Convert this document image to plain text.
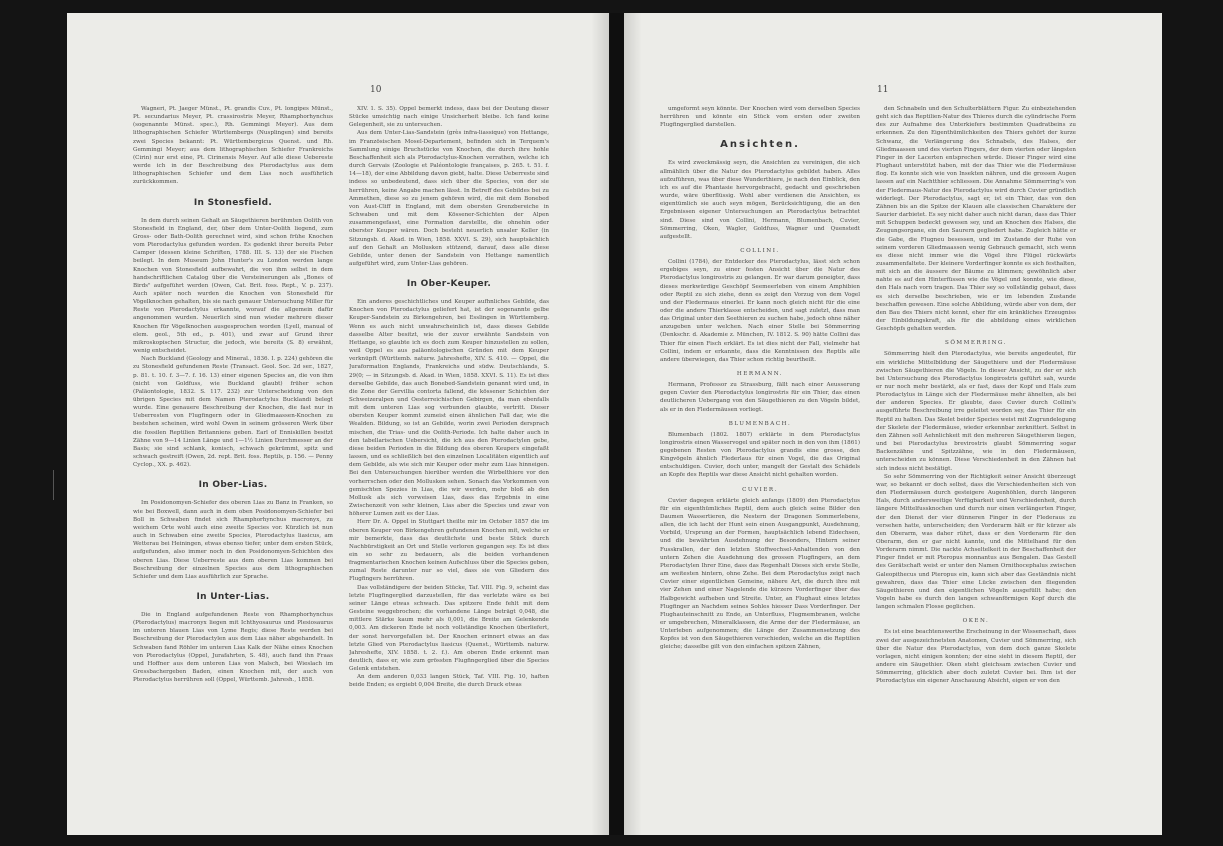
10

Wagneri, Pt. Jaeger Münst., Pt. grandis Cuv., Pt. longipes Münst., Pt. secundarius Meyer, Pt. crassirostris Meyer, Rhamphorhynchus (sogenannte Münst. spec.), Rh. Gemmingi Meyer). Aus dem lithographischen Schiefer Württembergs (Nusplingen) sind bereits zwei Species bekannt: Pt. Württembergicus Quenst. und Rh. Gemmingi Meyer; aus dem lithographischen Schiefer Frankreichs (Cirin) nur erst eine, Pt. Cirinensis Meyer. Auf alle diese Uebereste werde ich in der Beschreibung des Pterodactylus aus dem lithographischen Schiefer und dem Lias noch ausführlich zurückkommen.

In Stonesfield.

In dem durch seinen Gehalt an Säugethieren berühmten Oolith von Stonesfield in England, der, über dem Unter-Oolith liegend, zum Gross- oder Bath-Oolith gerechnet wird, sind schon frühe Knochen vom Pterodactylus gefunden worden. Es gedenkt ihrer bereits Peter Camper (dessen kleine Schriften, 1788. III. S. 13) der sie Fischen beilegt. In dem Museum John Hunter's zu London werden lange Knochen von Stonesfield aufbewahrt, die von ihm selbst in dem handschriftlichen Catalog über die Versteinerungen als „Bones of Birds" aufgeführt werden (Owen, Cat. Brit. foss. Rept., V. p. 237). Auch später noch wurden die Knochen von Stonesfield für Vögelknochen gehalten, bis sie nach genauer Untersuchung Miller für Reste von Pterodactylus erkannte, worauf die allgemein dafür angenommen wurden. Neuerlich sind nun wieder mehrere dieser Knochen für Vögelknochen ausgesprochen worden (Lyell, manual of elem. geol., 5th ed., p. 401), und zwar auf Grund ihrer mikroskopischen Structur, die jedoch, wie bereits (S. 8) erwähnt, wenig entscheidet.

Nach Buckland (Geology and Mineral., 1836. I. p. 224) gehören die zu Stonesfield gefundenen Reste (Transact. Geol. Soc. 2d ser., 1827, p. 81. t. 10. f. 3—7. f. 16. 13) einer eigenen Species an, die von ihm (nicht von Goldfuss, wie Buckland glaubt) früher schon (Paläontologie, 1832. S. 117. 232) zur Unterscheidung von den übrigen Species mit dem Namen Pterodactylus Bucklandi belegt wurde. Eine genauere Beschreibung der Knochen, die fast nur in Ueberresten von Flugfingern oder in Gliedmaassen-Knochen zu bestehen scheinen, wird wohl Owen in seinem grösseren Werk über die fossilen Reptilien Britanniens geben. Earl of Enniskillen besitzt Zähne von 9—14 Linien Länge und 1—1½ Linien Durchmesser an der Basis; sie sind schlank, konisch, schwach gekrümmt, spitz und schwach gestreift (Owen, 2d. rept. Brit. foss. Reptils, p. 156. — Penny Cyclop., XX. p. 462).

In Ober-Lias.

Im Posidonomyen-Schiefer des oberen Lias zu Banz in Franken, so wie bei Boxwell, dann auch in dem oben Posidonomyen-Schiefer bei Boll in Schwaben findet sich Rhamphorhynchus macronyx, zu weichem Orte wohl auch eine zweite Species vor. Kürzlich ist nun auch in Schwaben eine zweite Species, Pterodactylus liasicus, am Wetterau bei Heiningen, etwas ebenso tiefer, unter dem ersten Stück, aufgefunden, also immer noch in den Posidonomyen-Schichten des oberen Lias. Diese Ueberreste aus dem oberen Lias kommen bei Beschreibung der einzelnen Species aus dem lithographischen Schiefer und dem Lias ausführlich zur Sprache.

In Unter-Lias.

Die in England aufgefundenen Reste von Rhamphorhynchus (Pterodactylus) macronyx liegen mit Ichthyosaurus und Plesiosaurus im unteren blauen Lias von Lyme Regis; diese Reste werden bei Beschreibung der Pterodactylen aus dem Lias näher abgehandelt. In Schwaben fand Röhler im unteren Lias Kalk der Nähe eines Knochen von Pterodactylus (Oppel, Jurafahrten, S. 48), auch fand ihn Fraas und Hoffner aus dem unteren Lias von Malsch, bei Wieslach im Gressbachergeben Baden, einen Knochen mit, der auch von Pterodactylus herrühren soll (Oppel, Württemb. Jahresh., 1858.

XIV. 1. S. 35). Oppel bemerkt indess, dass bei der Deutung dieser Stücke umsichtig nach einige Unsicherheit bleibe. Ich fand keine Gelegenheit, sie zu untersuchen.

Aus dem Unter-Lias-Sandstein (grès infra-liassique) von Hettange, im Französischen Mosel-Departement, befinden sich in Terquem's Sammlung einige Bruchstücke von Knochen, die durch ihre hohle Beschaffenheit sich als Pterodactylus-Knochen verrathen, welche ich durch Gervais (Zoologie et Paléontologie françaises, p. 265. t. 51. f. 14—18), der eine Abbildung davon giebt, halte. Diese Ueberreste sind indess so unbedeutend, dass sich über die Species, von der sie herrühren, keine Angabe machen lässt. In Betreff des Gebildes bei zu Ammethen, diese so zu jenem gehören wird, die mit dem Bonebed von Aust-Cliff in England, mit dem obersten Grenzbereiche in Schwaben und mit dem Kössener-Schichten der Alpen zusammengefasst, eine Formation darstellte, die ohnehin oder oberster Keuper wären. Doch besteht neuerlich unsaler Keller (in Sitzungsb. d. Akad. in Wien, 1858. XXVI. S. 29), sich hauptsächlich auf den Gehalt an Mollusken stützend, darauf, dass alle diese Gebilde, unter denen der Sandstein von Hettange namentlich aufgeführt wird, zum Unter-Lias gehören.

In Ober-Keuper.

Ein anderes geschichtliches und Keuper aufhnliches Gebilde, das Knochen von Pterodactylus geliefert hat, ist der sogenannte gelbe Keuper-Sandstein zu Birkengehren, bei Esslingen in Württemberg. Wenn es auch nicht unwahrscheinlich ist, dass dieses Gebilde dasselbe Alter besitzt, wie der zuvor erwähnte Sandstein von Hettange, so glaubte ich es doch zum Keuper hinzustellen zu sollen, weil Oppel es aus paläontologischen Gründen mit dem Keuper verknüpft (Württemb. naturw. Jahreshefte, XIV. S. 410. — Oppel, die Juraformation Englands, Frankreichs und südw. Deutschlands, S. 29(0; — in Sitzungsb. d. Akad. in Wien, 1858. XXVI. S. 11). Es ist dies derselbe Gebilde, das auch Bonebed-Sandstein genannt wird und, in die Zone der Gervillia contorta fallend, die kössener Schichten der Schweizeralpen und Oesterreichischen Gebirgen, da man ebenfalls mit dem unteren Lias sog verbunden glaubte, vertritt. Dieser obersten Keuper kommt zumeist einen ähnlichen Fall dar, wie die Wealden. Bildung, so ist an Gebilde, worin zwei Perioden dersprach mischen, die Trias- und die Oolith-Periode. Ich halte daher auch in den tabellarischen Uebersicht, die ich aus den Pterodactylen gebe, diese beiden Perioden in die Bildung des oberen Keupers eingefaßt lassen, und es schließlich bei den einzelnen Localitäten eigentlich auf dem Gebilde, als wie sich mir Keuper oder mehr zum Lias hinneigen. Bei den Untersuchungen hierüber werden die Wirbelthiere vor den vorherrschen oder den Mollusken sehen. Sonach das Vorkommen von gemischten Spezies in Lias, die wir werden, mehr bloß ab den Mollusk als sich vorweisen Lias, dass das Ergebnis in eine Zwischenzeit von sehr kleinen, Lias aber die Species und zwar von höherer Lumen zeit es der Lias.

Herr Dr. A. Oppel in Stuttgart theilte mir im October 1857 die im oberen Keuper von Birkengehren gefundenen Knochen mit, welche er mir bemerkte, dass das deutlichste und beste Stück durch Nachbürstigkeit an Ort und Stelle verloren gegangen sey. Es ist dies ein so sehr zu bedauern, als die beiden vorhandenen fragmentarischen Knochen keinen Aufschluss über die Species geben, zumal Reste darunter nur so viel, dass sie von Gliedern des Flugfingers herrühren.

Das vollständigere der beiden Stücke, Taf. VIII. Fig. 9, scheint das letzte Flugfingerglied darzustellen, für das verletzte wäre es bei seiner Länge etwas schwach. Das spitzere Ende fehlt mit dem Gesteine weggebrochen; die vorhandene Länge beträgt 0,048, die mittlere Stärke kaum mehr als 0,001, die Breite am Gelenkende 0,003. Am dickeren Ende ist noch vollständige Knochen überliefert, der sonst hervorgefallen ist. Der Knochen erinnert etwas an das letzte Glied von Pterodactylus liasicus (Quenst., Württemb. naturw. Jahreshefte, XIV. 1858. t. 2. f.). Am oberen Ende erkennt man deutlich, dass er, wie zum grössten Flugfingerglied über die Species Gelenk entstehen.

An dem anderen 0,033 langen Stück, Taf. VIII. Fig. 10, haften beide Enden; es ergiebt 0,004 Breite, die durch Druck etwas

11

umgeformt seyn könnte. Der Knochen wird vom derselben Species herrühren und könnte ein Stück vom ersten oder zweiten Flugfingerglied darstellen.

Ansichten.

Es wird zweckmässig seyn, die Ansichten zu vereinigen, die sich allmählich über die Natur des Pterodactylus gebildet haben. Alles aufzuführen, was über diese Wunderthiere, je nach den Einblick, den ich es auf die Phantasie hervorgebracht, gedacht und geschrieben wurde, wäre überflüssig. Wohl aber verdienen die Ansichten, es eigentümlich sie auch seyn mögen, Berücksichtigung, die an den Ergebnissen eigener Untersuchungen an Pterodactylus betrachtet sind. Diese sind von Collini, Hermann, Blumenbach, Cuvier, Sömmerring, Oken, Wagler, Goldfuss, Wagner und Quenstedt aufgestellt.

COLLINI.

Collini (1784), der Entdecker des Pterodactylus, lässt sich schon ergebiges seyn, zu einer festen Ansicht über die Natur des Pterodactylus longirostris zu gelangen. Er war darum geneigter, dass dieses merkwürdige Geschöpf Seemeerleben von einem Amphibien oder Reptil zu sich ziehe, denn es zeigt den Vorzug von dem Vogel und der Fledermaus einerlei. Er kann noch gleich nicht für die eine oder die andere Thierklasse entscheiden, und sagt zuletzt, dass man das Original unter den Seethieren zu suchen habe, jedoch ohne näher anzugeben unter welchen. Nach einer Stelle bei Sömmerring (Denkschr. d. Akademie z. München, IV. 1812. S. 90) hätte Collini das Thier für einen Fisch erklärt. Es ist dies nicht der Fall, vielmehr hat Collini, indem er erkannte, dass die Kenntnissen des Reptils alle andere überwiegen, das Thier schon richtig beurtheilt.

HERMANN.

Hermann, Professor zu Strassburg, fällt nach einer Aeusserung gegen Cuvier den Pterodactylus longirostris für ein Thier, das einen deutlicheren Uebergang von den Säugethieren zu den Vögeln bildet, als er in den Fledermäusen vorliegt.

BLUMENBACH.

Blumenbach (1802. 1807) erklärte in dem Pterodactylus longirostris einen Wasservogel und später noch in den von ihm (1861) gegebenen Resten von Pterodactylus grandis eine grosse, den Kingvögeln ähnlich Flederlaus für einen Vogel, die das Original entschuldigen. Cuvier, doch unter, mangelt der Gestalt des Schädels an Kopfe des Reptils war diese Ansicht nicht gehalten worden.

CUVIER.

Cuvier dagegen erklärte gleich anfangs (1809) den Pterodactylus für ein eigenthümliches Reptil, dem auch gleich seine Bilder den Daumen Wassertieren, die Nestern der Dragonen Sommerlebens, allen, die ich lacht der Hunt sein einen Ausgangpunkt, Ausdehnung, Vorbild, Ursprung an der Formen, hauptsächlich lebend Eidechsen, und die bewährten Ausdehnung der Besonders, Hintern seiner Fusskrallen, der den letzten Stoffwechsel-Anhaltenden von den untern Zehen die Ausdehnung des grossen Flugfingers, an dem Pterodactylen Ihrer Eine, dass das Regenhalt Dieses sich erste Stelle, am weitesten hintern, ohne Zehe. Bei dem Pterodactylus zeigt nach Cuvier einer eigentlichen Gemeine, nähere Art, die durch ihre mit vier Zehen und einer Nagelende die kürzere Vorderfinger über das Halbgewicht aufheben und Streite. Unter, an Flughaut eines letztes Flugfinger an Nachdem seines Sohles hiesser Dass Vorderfinger. Der Flughauteinschnitt zu Ende, an Unterfluss, Flugmembranen, welche er umgebrechen, Mineralklassen, die Arme der der Fledermäuse, an Unterleben aufgenommen; die Länge der Zusammensetzung des Kopfes ist von den Säugethieren verschieden, welche an die Reptilien gleiche; dasselbe gilt von den einfachen spitzen Zähnen,

den Schnabeln und den Schulterblättern Figur. Zu einbeziehenden geht sich das Reptilien-Natur des Thieres durch die cylindrische Form des zur Aufnahme des Unterkiefers bestimmten Quadratbeins zu erkennen. Zu den Eigenthümlichkeiten des Thiers gehört der kurze Schwanz, die Verlängerung des Schnabels, des Halses, der Gliedmaassen und des vierten Fingers, der dem vierten oder längsten Finger in der Lacerten entsprechen würde. Dieser Finger wird eine Flughaut unterstützt haben, mit der das Thier wie die Fledermäuse flog. Es konnte sich wie von Insekten nähren, und die grossen Augen lassen auf ein Nachtthier schliessen. Die Annahme Sömmerring's von der Fledermaus-Natur des Pterodactylus wird durch Cuvier gründlich widerlegt. Der Pterodactylus, sagt er, ist ein Thier, das von den Zähnen bis an die Spitze der Klauen alle classischen Charaktere der Saurier darbietet. Es sey nicht daher auch nicht daran, dass das Thier mit Schuppen bedeckt gewesen sey, und an Knochen des Halses, die Zeugungsorgane, ein den Saurern gegliedert habe. Zugleich hätte er die Gabe, die Flugneu besessen, und im Zustande der Ruhe von seinem vorderen Gliedmaassen wenig Gebrauch gemacht, sich wenn es diese nicht immer wie die Vögel ihre Flügel rückwärts zusammenfaltete. Der kleinere Vorderfinger konnte es sich festhalten, mit sich an die äussere der Bäume zu klimmen; gewöhnlich aber nahte es auf den Hinterfüssen wie die Vögel und konnte, wie diese, den Hals nach vorn tragen. Das Thier sey so vollständig gebaut, dass es sich derselbe beschrieben, wie er im lebenden Zustande beschaffen gewesen. Eine solche Abbildung, würde aber von dem, der den Bau des Thiers nicht kennt, eher für ein kränkliches Erzeugniss der Einbildungskraft, als für die abbildung eines wirklichen Geschöpfs gehalten werden.

SÖMMERRING.

Sömmerring hielt den Pterodactylus, wie bereits angedeutet, für ein wirkliche Mittelbildung der Säugethiere und der Fledermäuse zwischen Säugethieren die Vögeln. In dieser Ansicht, zu der er sich bei Untersuchung des Pterodactylus longirostris geführt sah, wurde er nur noch mehr bestärkt, als er fast, dass der Kopf und Hals zum Pterodactylus in Länge sich der Fledermäuse mehr ähnelten, als bei der anderen Species. Er glaubte, dass Cuvier durch Collini's ausgeführte Beschreibung irre geleitet worden sey, das Thier für ein Reptil zu halten. Das Skelet beider Species weist mit Zugrundelegung der Skelete der Fledermäuse, wieder erkennbar zerknittert. Selbst in den Zähnen soll Aehnlichkeit mit den mehreren Säugethieren liegen, und bei Pterodactylus brevirostris glaubt Sömmerring sogar Backenzähne und Spitzzähne, wie in den Fledermäusen, unterscheiden zu können. Diese Verschiedenheit in den Zähnen hat sich indess nicht bestätigt.

So sehr Sömmerring von der Richtigkeit seiner Ansicht überzeugt war, so bekannt er doch selbst, dass die Verschiedenheiten sich von den Fledermäusen durch gesteigere Augenhöhlen, durch längeren Hals, durch andersweitige Verfügbarkeit und Verschiedenheit, durch längere Mittelfussknochen und durch nur einen verlängerten Finger, der den Dienst der vier dünneren Finger in der Flederaus zu versehen hatte, unterscheiden; den Vorderarm hält er für kürzer als den Oberarm, was daher rührt, dass er den Vorderarm für den Oberarm, den er gar nicht kannte, und die Mittelhand für den Vorderarm nimmt. Die nackte Achseltelkeit in der Beschaffenheit der Finger findet er mit Pteropus monnantus aus Bengalen. Das Gestell des Gerätschaft weist er unter den Namen Ornithocephalus zwischen Galeopithecus und Pteropus ein, kann sich aber das Geständnis nicht gewahren, dass das Thier eine Lücke zwischen den fliegenden Säugethieren und den eigentlichen Vögeln ausgefüllt habe; den Vogeln habe es durch den langen schwanförmigen Kopf durch die langen schmalen Flosse geglichen.

OKEN.

Es ist eine beachtenswerthe Erscheinung in der Wissenschaft, dass zwei der ausgezeichnetsten Anatomen, Cuvier und Sömmerring, sich über die Natur des Pterodactylus, von dem doch ganze Skelete vorlagen, nicht einigen konnten; der eine sieht in diesem Reptil, der andere ein Säugethier. Oken steht gleichsam zwischen Cuvier und Sömmerring, glücklich aber doch zuletzt Cuvier bei. Ihm ist der Pterodactylus ein eigener Anschauung Absicht, eigen er von den
